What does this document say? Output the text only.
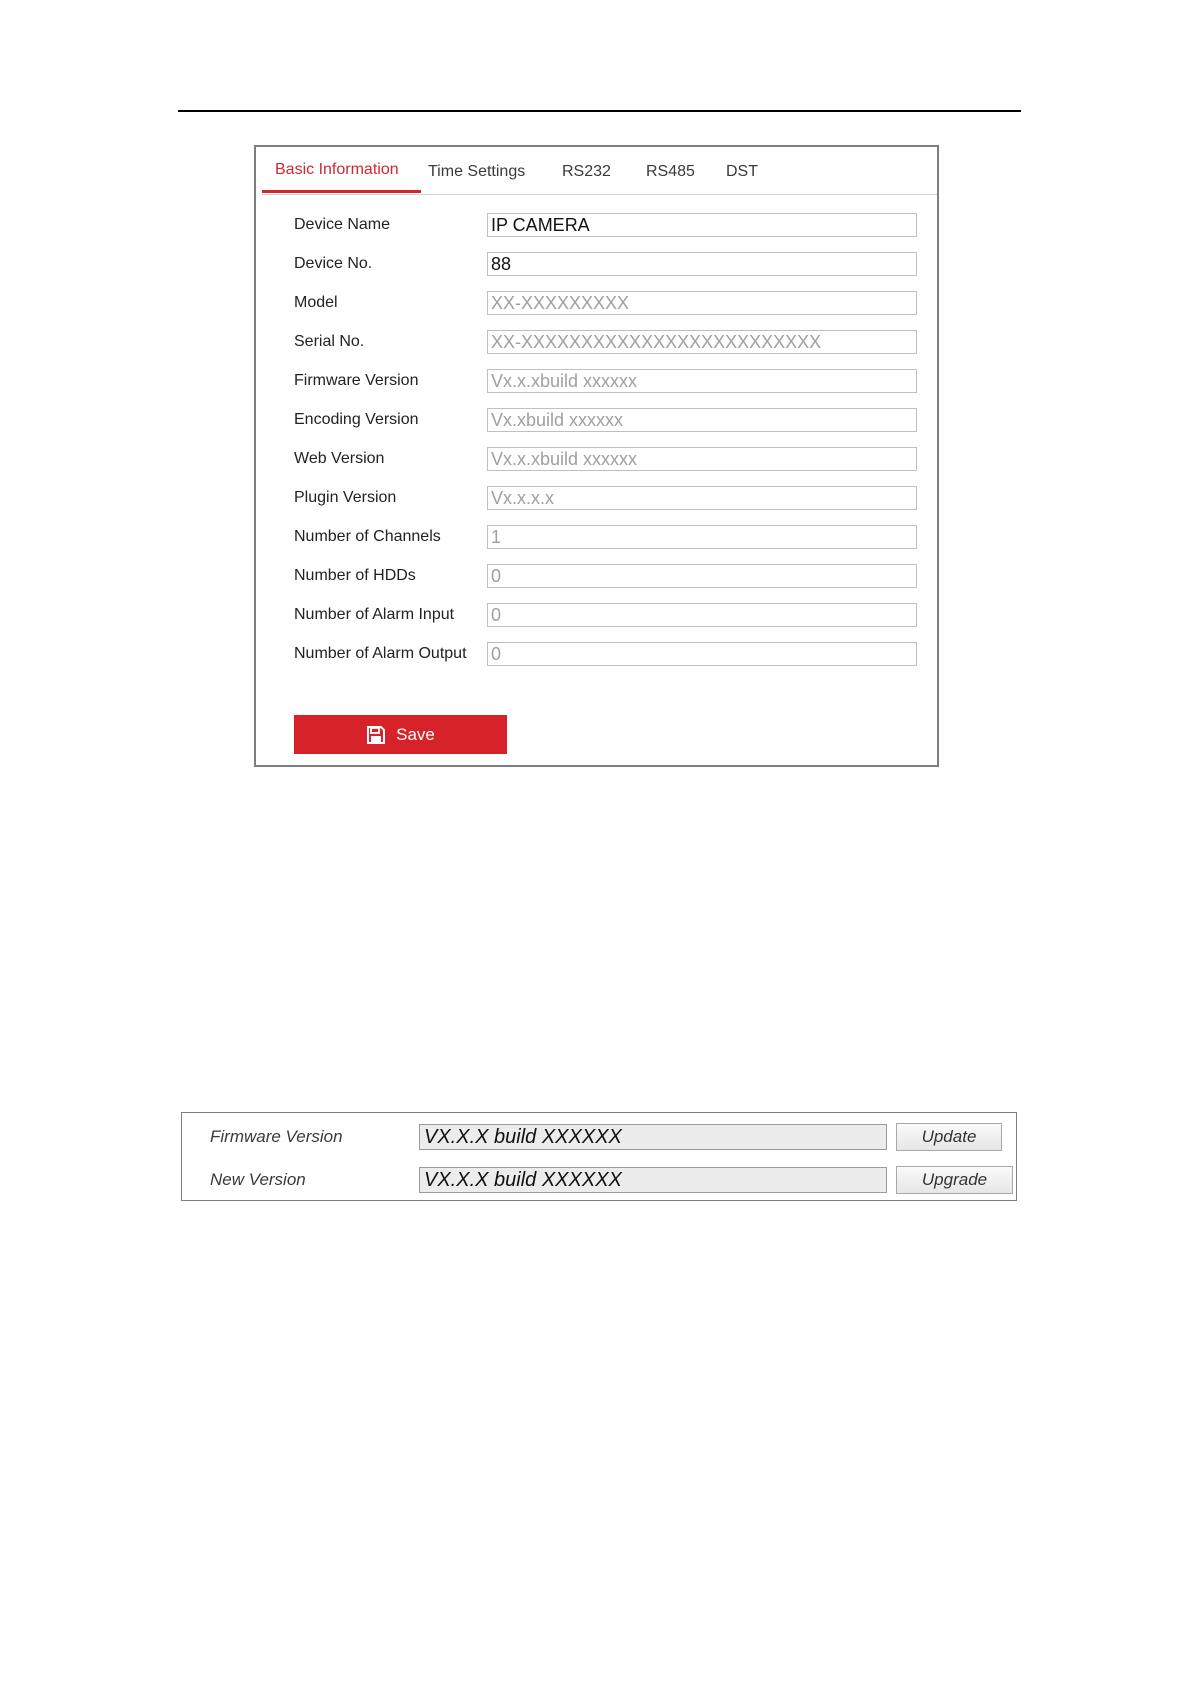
Basic Information Time Settings RS232 RS485 DST
Device Name	IP CAMERA
Device No.	88
Model	XX-XXXXXXXXX
Serial No.	XX-XXXXXXXXXXXXXXXXXXXXXXXXX
Firmware Version	Vx.x.xbuild xxxxxx
Encoding Version	Vx.xbuild xxxxxx
Web Version	Vx.x.xbuild xxxxxx
Plugin Version	Vx.x.x.x
Number of Channels	1
Number of HDDs	0
Number of Alarm Input 0
Number of Alarm Output 0
Save
Firmware Version	VX.X.X build XXXXXX	Update
New Version	VX.X.X build XXXXXX	Upgrade
